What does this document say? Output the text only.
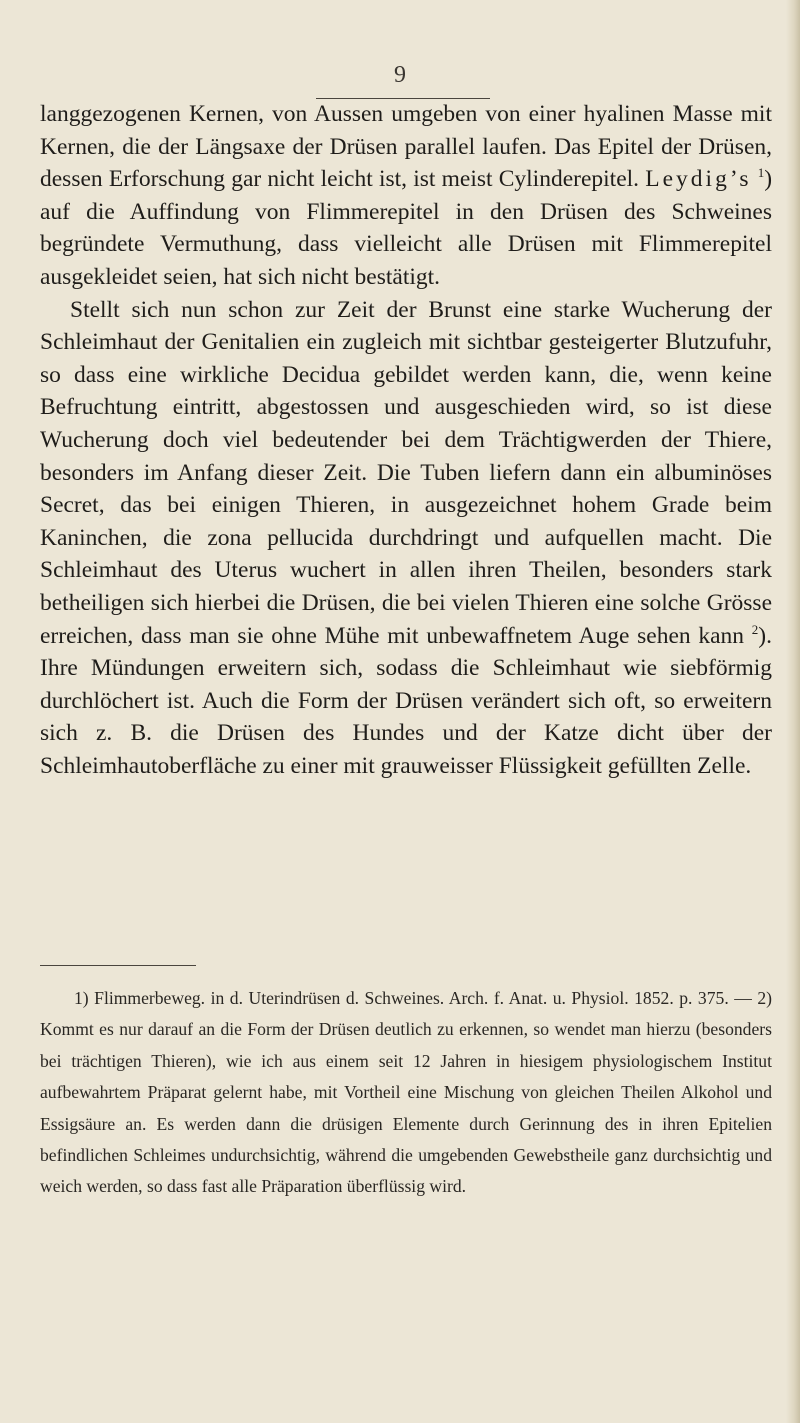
9

langgezogenen Kernen, von Aussen umgeben von einer hyalinen Masse mit Kernen, die der Längsaxe der Drüsen parallel laufen. Das Epitel der Drüsen, dessen Erforschung gar nicht leicht ist, ist meist Cylinderepitel. Leydig’s $^1$) auf die Auffindung von Flimmerepitel in den Drüsen des Schweines begründete Vermuthung, dass vielleicht alle Drüsen mit Flimmerepitel ausgekleidet seien, hat sich nicht bestätigt.

Stellt sich nun schon zur Zeit der Brunst eine starke Wucherung der Schleimhaut der Genitalien ein zugleich mit sichtbar gesteigerter Blutzufuhr, so dass eine wirkliche Decidua gebildet werden kann, die, wenn keine Befruchtung eintritt, abgestossen und ausgeschieden wird, so ist diese Wucherung doch viel bedeutender bei dem Trächtigwerden der Thiere, besonders im Anfang dieser Zeit. Die Tuben liefern dann ein albuminöses Secret, das bei einigen Thieren, in ausgezeichnet hohem Grade beim Kaninchen, die zona pellucida durchdringt und aufquellen macht. Die Schleimhaut des Uterus wuchert in allen ihren Theilen, besonders stark betheiligen sich hierbei die Drüsen, die bei vielen Thieren eine solche Grösse erreichen, dass man sie ohne Mühe mit unbewaffnetem Auge sehen kann $^2$). Ihre Mündungen erweitern sich, sodass die Schleimhaut wie siebförmig durchlöchert ist. Auch die Form der Drüsen verändert sich oft, so erweitern sich z. B. die Drüsen des Hundes und der Katze dicht über der Schleimhautoberfläche zu einer mit grauweisser Flüssigkeit gefüllten Zelle.

1) Flimmerbeweg. in d. Uterindrüsen d. Schweines. Arch. f. Anat. u. Physiol. 1852. p. 375. — 2) Kommt es nur darauf an die Form der Drüsen deutlich zu erkennen, so wendet man hierzu (besonders bei trächtigen Thieren), wie ich aus einem seit 12 Jahren in hiesigem physiologischem Institut aufbewahrtem Präparat gelernt habe, mit Vortheil eine Mischung von gleichen Theilen Alkohol und Essigsäure an. Es werden dann die drüsigen Elemente durch Gerinnung des in ihren Epitelien befindlichen Schleimes undurchsichtig, während die umgebenden Gewebstheile ganz durchsichtig und weich werden, so dass fast alle Präparation überflüssig wird.
